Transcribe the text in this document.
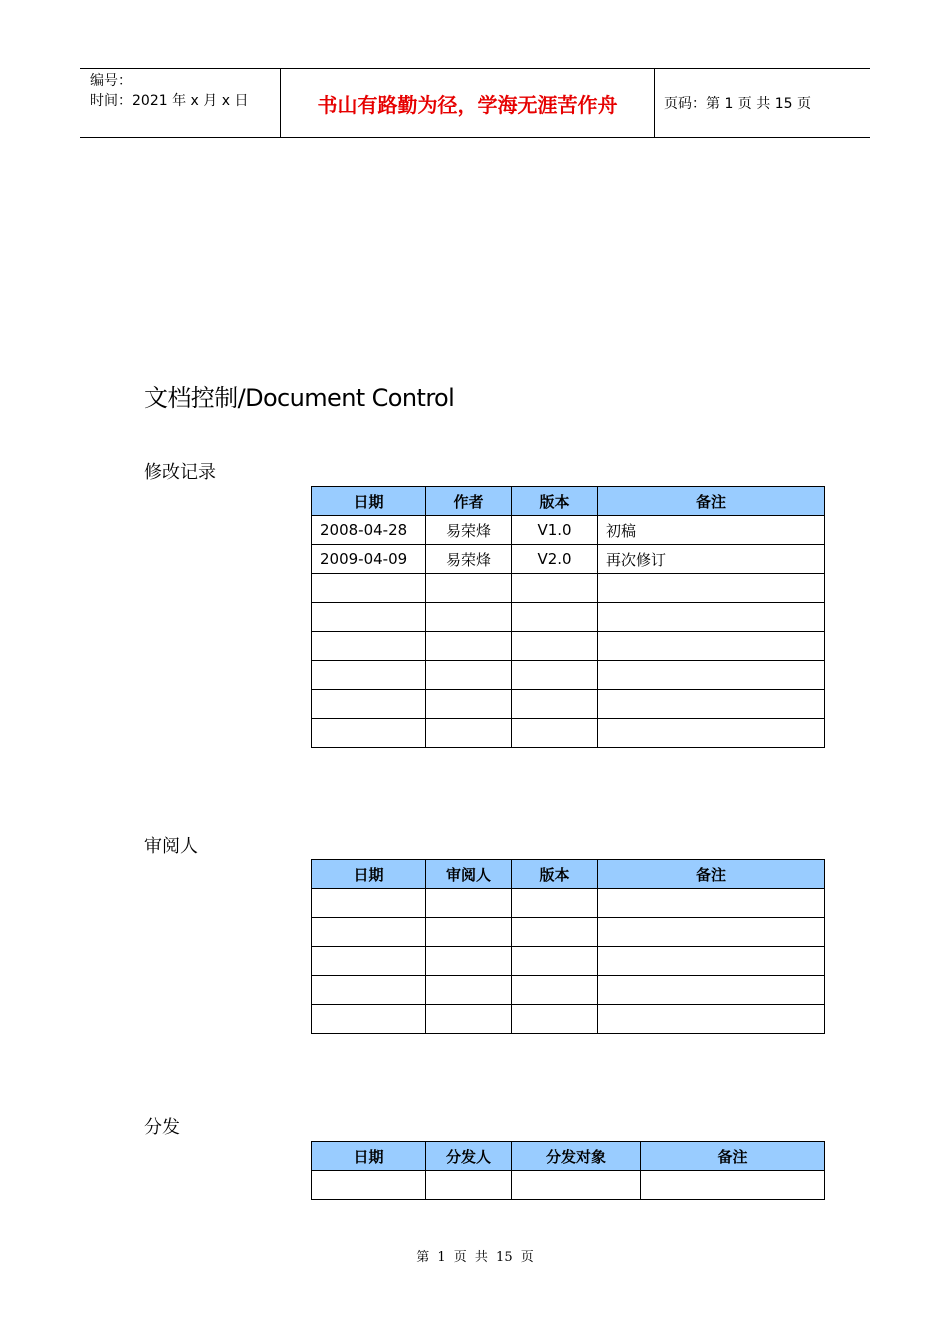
编号：
时间：2021 年 x 月 x 日	书山有路勤为径，学海无涯苦作舟	页码：第 1 页 共 15 页
文档控制/Document Control
修改记录
日期	作者	版本	备注
2008-04-28	易荣烽	V1.0	初稿
2009-04-09	易荣烽	V2.0	再次修订

审阅人
日期	审阅人	版本	备注

分发
日期	分发人	分发对象	备注

第 1 页 共 15 页
